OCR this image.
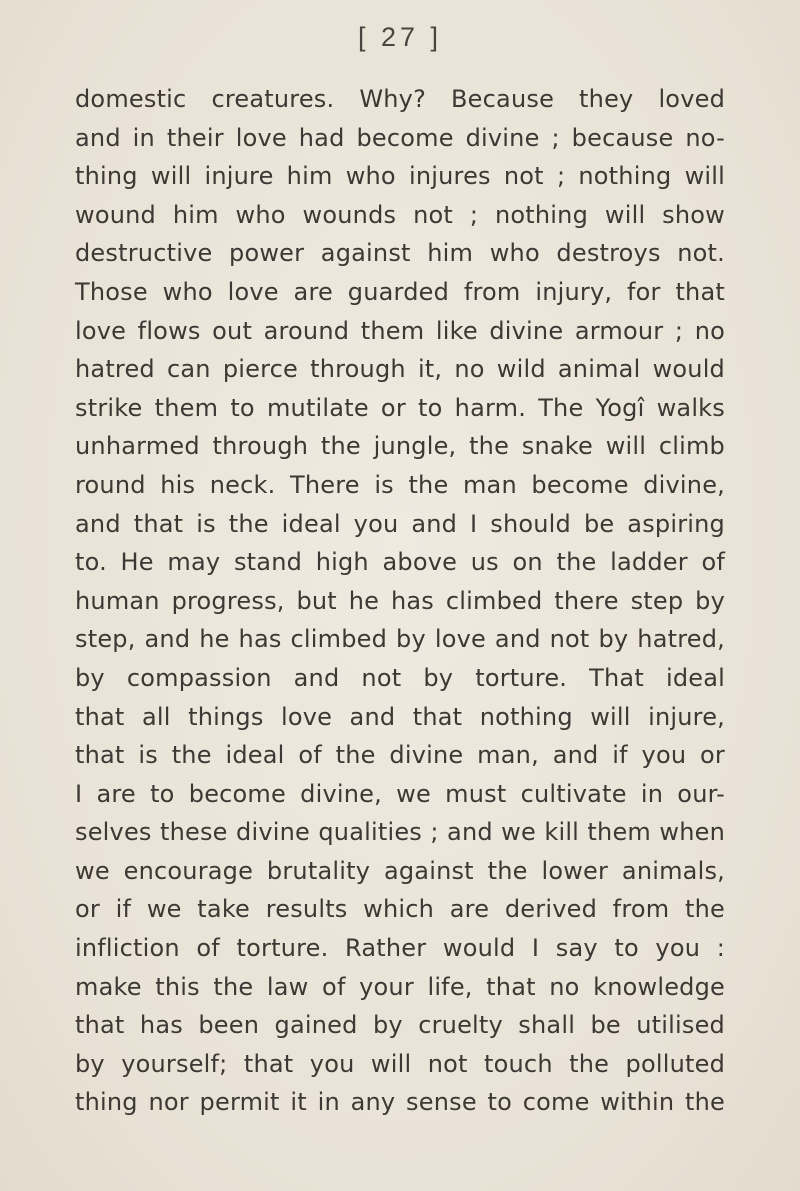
[ 27 ]
domestic creatures. Why? Because they loved
and in their love had become divine ; because no-
thing will injure him who injures not ; nothing will
wound him who wounds not ; nothing will show
destructive power against him who destroys not.
Those who love are guarded from injury, for that
love flows out around them like divine armour ; no
hatred can pierce through it, no wild animal would
strike them to mutilate or to harm. The Yogî walks
unharmed through the jungle, the snake will climb
round his neck. There is the man become divine,
and that is the ideal you and I should be aspiring
to. He may stand high above us on the ladder of
human progress, but he has climbed there step by
step, and he has climbed by love and not by hatred,
by compassion and not by torture. That ideal
that all things love and that nothing will injure,
that is the ideal of the divine man, and if you or
I are to become divine, we must cultivate in our-
selves these divine qualities ; and we kill them when
we encourage brutality against the lower animals,
or if we take results which are derived from the
infliction of torture. Rather would I say to you :
make this the law of your life, that no knowledge
that has been gained by cruelty shall be utilised
by yourself; that you will not touch the polluted
thing nor permit it in any sense to come within the
